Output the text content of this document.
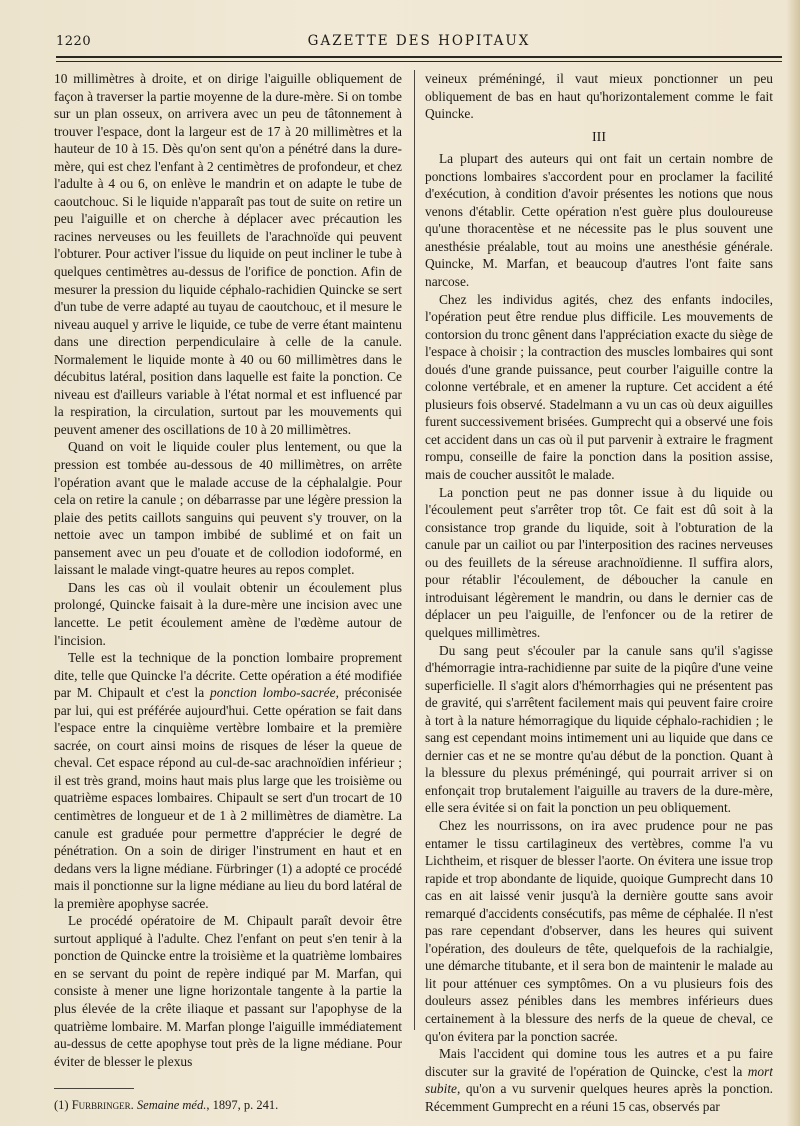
1220	GAZETTE DES HOPITAUX

10 millimètres à droite, et on dirige l'aiguille obliquement de façon à traverser la partie moyenne de la dure-mère. Si on tombe sur un plan osseux, on arrivera avec un peu de tâtonnement à trouver l'espace, dont la largeur est de 17 à 20 millimètres et la hauteur de 10 à 15. Dès qu'on sent qu'on a pénétré dans la dure-mère, qui est chez l'enfant à 2 centimètres de profondeur, et chez l'adulte à 4 ou 6, on enlève le mandrin et on adapte le tube de caoutchouc. Si le liquide n'apparaît pas tout de suite on retire un peu l'aiguille et on cherche à déplacer avec précaution les racines nerveuses ou les feuillets de l'arachnoïde qui peuvent l'obturer. Pour activer l'issue du liquide on peut incliner le tube à quelques centimètres au-dessus de l'orifice de ponction. Afin de mesurer la pression du liquide céphalo-rachidien Quincke se sert d'un tube de verre adapté au tuyau de caoutchouc, et il mesure le niveau auquel y arrive le liquide, ce tube de verre étant maintenu dans une direction perpendiculaire à celle de la canule. Normalement le liquide monte à 40 ou 60 millimètres dans le décubitus latéral, position dans laquelle est faite la ponction. Ce niveau est d'ailleurs variable à l'état normal et est influencé par la respiration, la circulation, surtout par les mouvements qui peuvent amener des oscillations de 10 à 20 millimètres.

Quand on voit le liquide couler plus lentement, ou que la pression est tombée au-dessous de 40 millimètres, on arrête l'opération avant que le malade accuse de la céphalalgie. Pour cela on retire la canule ; on débarrasse par une légère pression la plaie des petits caillots sanguins qui peuvent s'y trouver, on la nettoie avec un tampon imbibé de sublimé et on fait un pansement avec un peu d'ouate et de collodion iodoformé, en laissant le malade vingt-quatre heures au repos complet.

Dans les cas où il voulait obtenir un écoulement plus prolongé, Quincke faisait à la dure-mère une incision avec une lancette. Le petit écoulement amène de l'œdème autour de l'incision.

Telle est la technique de la ponction lombaire proprement dite, telle que Quincke l'a décrite. Cette opération a été modifiée par M. Chipault et c'est la ponction lombo-sacrée, préconisée par lui, qui est préférée aujourd'hui. Cette opération se fait dans l'espace entre la cinquième vertèbre lombaire et la première sacrée, on court ainsi moins de risques de léser la queue de cheval. Cet espace répond au cul-de-sac arachnoïdien inférieur ; il est très grand, moins haut mais plus large que les troisième ou quatrième espaces lombaires. Chipault se sert d'un trocart de 10 centimètres de longueur et de 1 à 2 millimètres de diamètre. La canule est graduée pour permettre d'apprécier le degré de pénétration. On a soin de diriger l'instrument en haut et en dedans vers la ligne médiane. Fürbringer (1) a adopté ce procédé mais il ponctionne sur la ligne médiane au lieu du bord latéral de la première apophyse sacrée.

Le procédé opératoire de M. Chipault paraît devoir être surtout appliqué à l'adulte. Chez l'enfant on peut s'en tenir à la ponction de Quincke entre la troisième et la quatrième lombaires en se servant du point de repère indiqué par M. Marfan, qui consiste à mener une ligne horizontale tangente à la partie la plus élevée de la crête iliaque et passant sur l'apophyse de la quatrième lombaire. M. Marfan plonge l'aiguille immédiatement au-dessus de cette apophyse tout près de la ligne médiane. Pour éviter de blesser le plexus

(1) Furbringer. Semaine méd., 1897, p. 241.

veineux préméningé, il vaut mieux ponctionner un peu obliquement de bas en haut qu'horizontalement comme le fait Quincke.

III

La plupart des auteurs qui ont fait un certain nombre de ponctions lombaires s'accordent pour en proclamer la facilité d'exécution, à condition d'avoir présentes les notions que nous venons d'établir. Cette opération n'est guère plus douloureuse qu'une thoracentèse et ne nécessite pas le plus souvent une anesthésie préalable, tout au moins une anesthésie générale. Quincke, M. Marfan, et beaucoup d'autres l'ont faite sans narcose.

Chez les individus agités, chez des enfants indociles, l'opération peut être rendue plus difficile. Les mouvements de contorsion du tronc gênent dans l'appréciation exacte du siège de l'espace à choisir ; la contraction des muscles lombaires qui sont doués d'une grande puissance, peut courber l'aiguille contre la colonne vertébrale, et en amener la rupture. Cet accident a été plusieurs fois observé. Stadelmann a vu un cas où deux aiguilles furent successivement brisées. Gumprecht qui a observé une fois cet accident dans un cas où il put parvenir à extraire le fragment rompu, conseille de faire la ponction dans la position assise, mais de coucher aussitôt le malade.

La ponction peut ne pas donner issue à du liquide ou l'écoulement peut s'arrêter trop tôt. Ce fait est dû soit à la consistance trop grande du liquide, soit à l'obturation de la canule par un cailiot ou par l'interposition des racines nerveuses ou des feuillets de la séreuse arachnoïdienne. Il suffira alors, pour rétablir l'écoulement, de déboucher la canule en introduisant légèrement le mandrin, ou dans le dernier cas de déplacer un peu l'aiguille, de l'enfoncer ou de la retirer de quelques millimètres.

Du sang peut s'écouler par la canule sans qu'il s'agisse d'hémorragie intra-rachidienne par suite de la piqûre d'une veine superficielle. Il s'agit alors d'hémorrhagies qui ne présentent pas de gravité, qui s'arrêtent facilement mais qui peuvent faire croire à tort à la nature hémorragique du liquide céphalo-rachidien ; le sang est cependant moins intimement uni au liquide que dans ce dernier cas et ne se montre qu'au début de la ponction. Quant à la blessure du plexus préméningé, qui pourrait arriver si on enfonçait trop brutalement l'aiguille au travers de la dure-mère, elle sera évitée si on fait la ponction un peu obliquement.

Chez les nourrissons, on ira avec prudence pour ne pas entamer le tissu cartilagineux des vertèbres, comme l'a vu Lichtheim, et risquer de blesser l'aorte. On évitera une issue trop rapide et trop abondante de liquide, quoique Gumprecht dans 10 cas en ait laissé venir jusqu'à la dernière goutte sans avoir remarqué d'accidents consécutifs, pas même de céphalée. Il n'est pas rare cependant d'observer, dans les heures qui suivent l'opération, des douleurs de tête, quelquefois de la rachialgie, une démarche titubante, et il sera bon de maintenir le malade au lit pour atténuer ces symptômes. On a vu plusieurs fois des douleurs assez pénibles dans les membres inférieurs dues certainement à la blessure des nerfs de la queue de cheval, ce qu'on évitera par la ponction sacrée.

Mais l'accident qui domine tous les autres et a pu faire discuter sur la gravité de l'opération de Quincke, c'est la mort subite, qu'on a vu survenir quelques heures après la ponction. Récemment Gumprecht en a réuni 15 cas, observés par
